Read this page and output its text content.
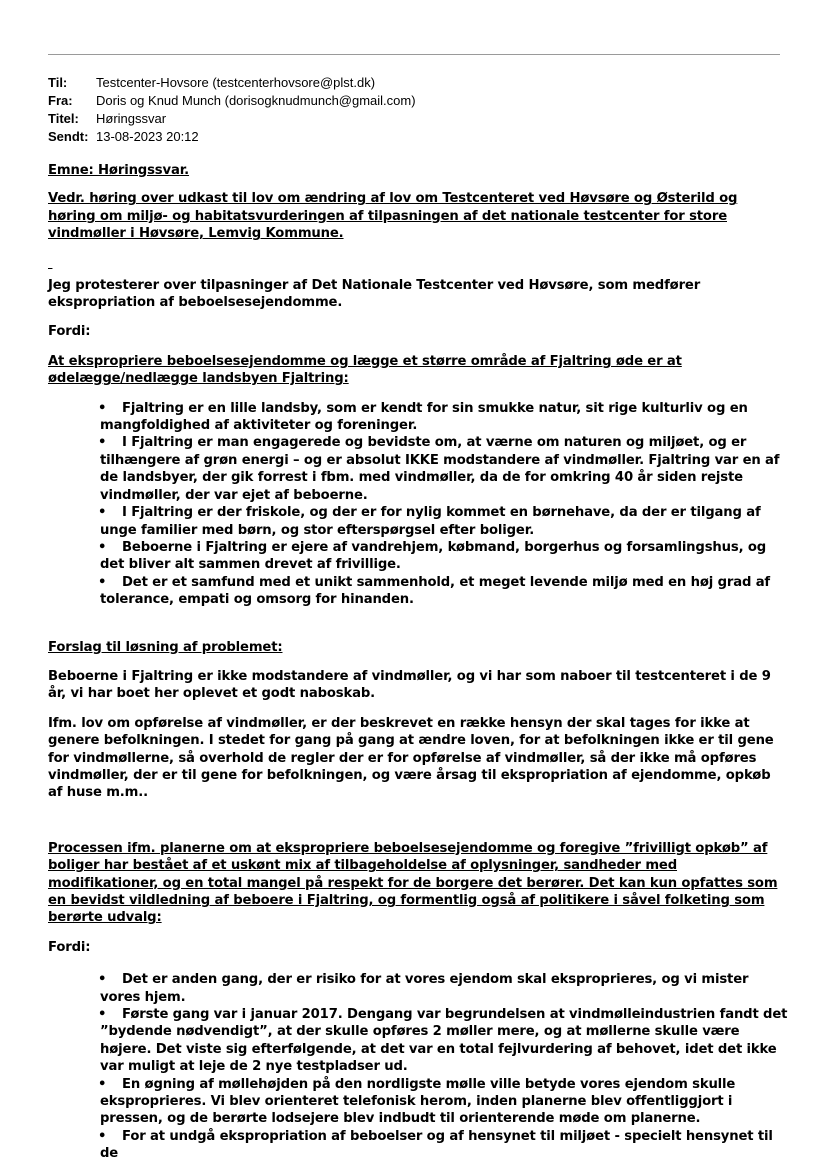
Til:	Testcenter-Hovsore (testcenterhovsore@plst.dk)
Fra:	Doris og Knud Munch (dorisogknudmunch@gmail.com)
Titel:	Høringssvar
Sendt: 13-08-2023 20:12

Emne: Høringssvar.

Vedr. høring over udkast til lov om ændring af lov om Testcenteret ved Høvsøre og Østerild og høring om miljø- og habitatsvurderingen af tilpasningen af det nationale testcenter for store vindmøller i Høvsøre, Lemvig Kommune.

Jeg protesterer over tilpasninger af Det Nationale Testcenter ved Høvsøre, som medfører ekspropriation af beboelsesejendomme.

Fordi:

At ekspropriere beboelsesejendomme og lægge et større område af Fjaltring øde er at ødelægge/nedlægge landsbyen Fjaltring:

• Fjaltring er en lille landsby, som er kendt for sin smukke natur, sit rige kulturliv og en mangfoldighed af aktiviteter og foreninger.
• I Fjaltring er man engagerede og bevidste om, at værne om naturen og miljøet, og er tilhængere af grøn energi – og er absolut IKKE modstandere af vindmøller. Fjaltring var en af de landsbyer, der gik forrest i fbm. med vindmøller, da de for omkring 40 år siden rejste vindmøller, der var ejet af beboerne.
• I Fjaltring er der friskole, og der er for nylig kommet en børnehave, da der er tilgang af unge familier med børn, og stor efterspørgsel efter boliger.
• Beboerne i Fjaltring er ejere af vandrehjem, købmand, borgerhus og forsamlingshus, og det bliver alt sammen drevet af frivillige.
• Det er et samfund med et unikt sammenhold, et meget levende miljø med en høj grad af tolerance, empati og omsorg for hinanden.

Forslag til løsning af problemet:

Beboerne i Fjaltring er ikke modstandere af vindmøller, og vi har som naboer til testcenteret i de 9 år, vi har boet her oplevet et godt naboskab.

Ifm. lov om opførelse af vindmøller, er der beskrevet en række hensyn der skal tages for ikke at genere befolkningen. I stedet for gang på gang at ændre loven, for at befolkningen ikke er til gene for vindmøllerne, så overhold de regler der er for opførelse af vindmøller, så der ikke må opføres vindmøller, der er til gene for befolkningen, og være årsag til ekspropriation af ejendomme, opkøb af huse m.m..

Processen ifm. planerne om at ekspropriere beboelsesejendomme og foregive ”frivilligt opkøb” af boliger har bestået af et uskønt mix af tilbageholdelse af oplysninger, sandheder med modifikationer, og en total mangel på respekt for de borgere det berører. Det kan kun opfattes som en bevidst vildledning af beboere i Fjaltring, og formentlig også af politikere i såvel folketing som berørte udvalg:

Fordi:

• Det er anden gang, der er risiko for at vores ejendom skal eksproprieres, og vi mister vores hjem.
• Første gang var i januar 2017. Dengang var begrundelsen at vindmølleindustrien fandt det ”bydende nødvendigt”, at der skulle opføres 2 møller mere, og at møllerne skulle være højere. Det viste sig efterfølgende, at det var en total fejlvurdering af behovet, idet det ikke var muligt at leje de 2 nye testpladser ud.
• En øgning af møllehøjden på den nordligste mølle ville betyde vores ejendom skulle eksproprieres. Vi blev orienteret telefonisk herom, inden planerne blev offentliggjort i pressen, og de berørte lodsejere blev indbudt til orienterende møde om planerne.
• For at undgå ekspropriation af beboelser og af hensynet til miljøet - specielt hensynet til de
